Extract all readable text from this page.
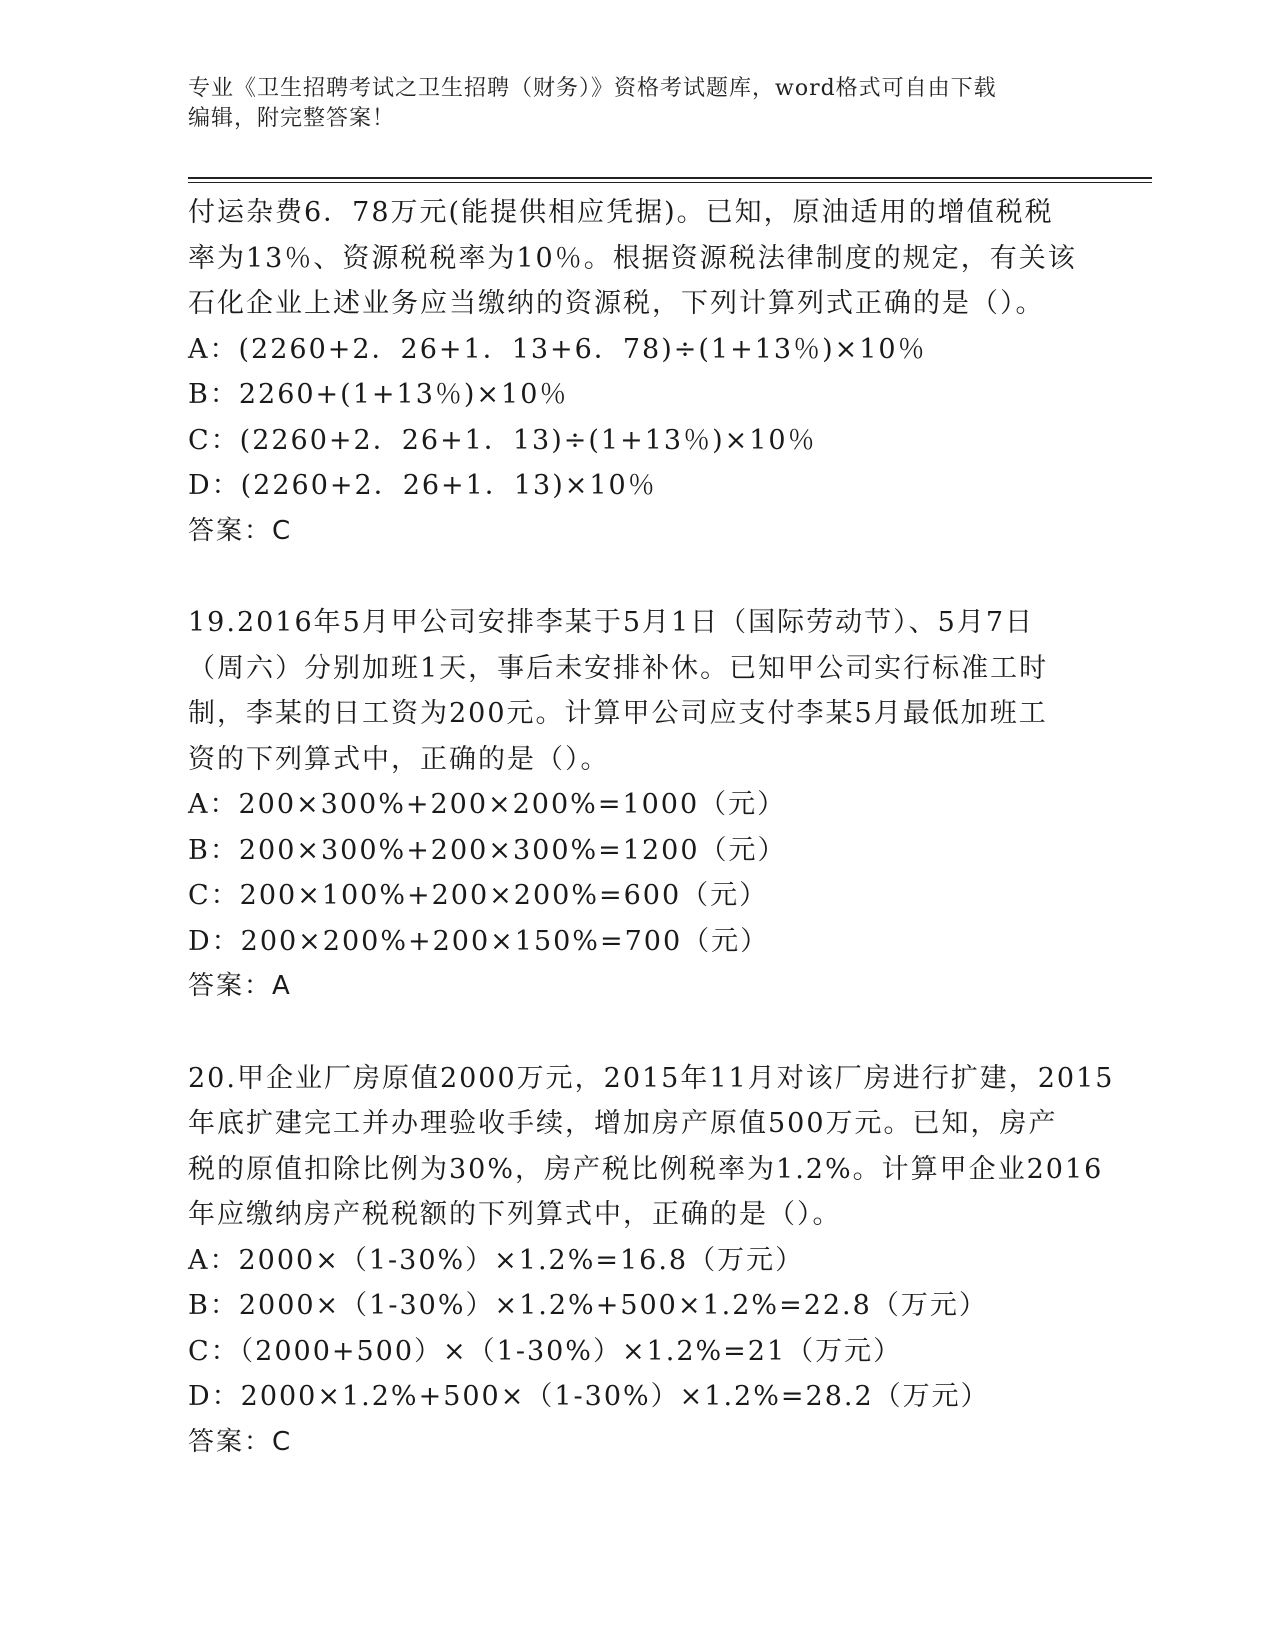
专业《卫生招聘考试之卫生招聘（财务）》资格考试题库，word格式可自由下载
编辑，附完整答案！
付运杂费6．78万元(能提供相应凭据)。已知，原油适用的增值税税
率为13％、资源税税率为10％。根据资源税法律制度的规定，有关该
石化企业上述业务应当缴纳的资源税，下列计算列式正确的是（）。
A：(2260+2．26+1．13+6．78)÷(1+13％)×10％
B：2260+(1+13％)×10％
C：(2260+2．26+1．13)÷(1+13％)×10％
D：(2260+2．26+1．13)×10％
答案：C
19.2016年5月甲公司安排李某于5月1日（国际劳动节）、5月7日
（周六）分别加班1天，事后未安排补休。已知甲公司实行标准工时
制，李某的日工资为200元。计算甲公司应支付李某5月最低加班工
资的下列算式中，正确的是（）。
A：200×300%+200×200%=1000（元）
B：200×300%+200×300%=1200（元）
C：200×100%+200×200%=600（元）
D：200×200%+200×150%=700（元）
答案：A
20.甲企业厂房原值2000万元，2015年11月对该厂房进行扩建，2015
年底扩建完工并办理验收手续，增加房产原值500万元。已知，房产
税的原值扣除比例为30%，房产税比例税率为1.2%。计算甲企业2016
年应缴纳房产税税额的下列算式中，正确的是（）。
A：2000×（1-30%）×1.2%=16.8（万元）
B：2000×（1-30%）×1.2%+500×1.2%=22.8（万元）
C：（2000+500）×（1-30%）×1.2%=21（万元）
D：2000×1.2%+500×（1-30%）×1.2%=28.2（万元）
答案：C
